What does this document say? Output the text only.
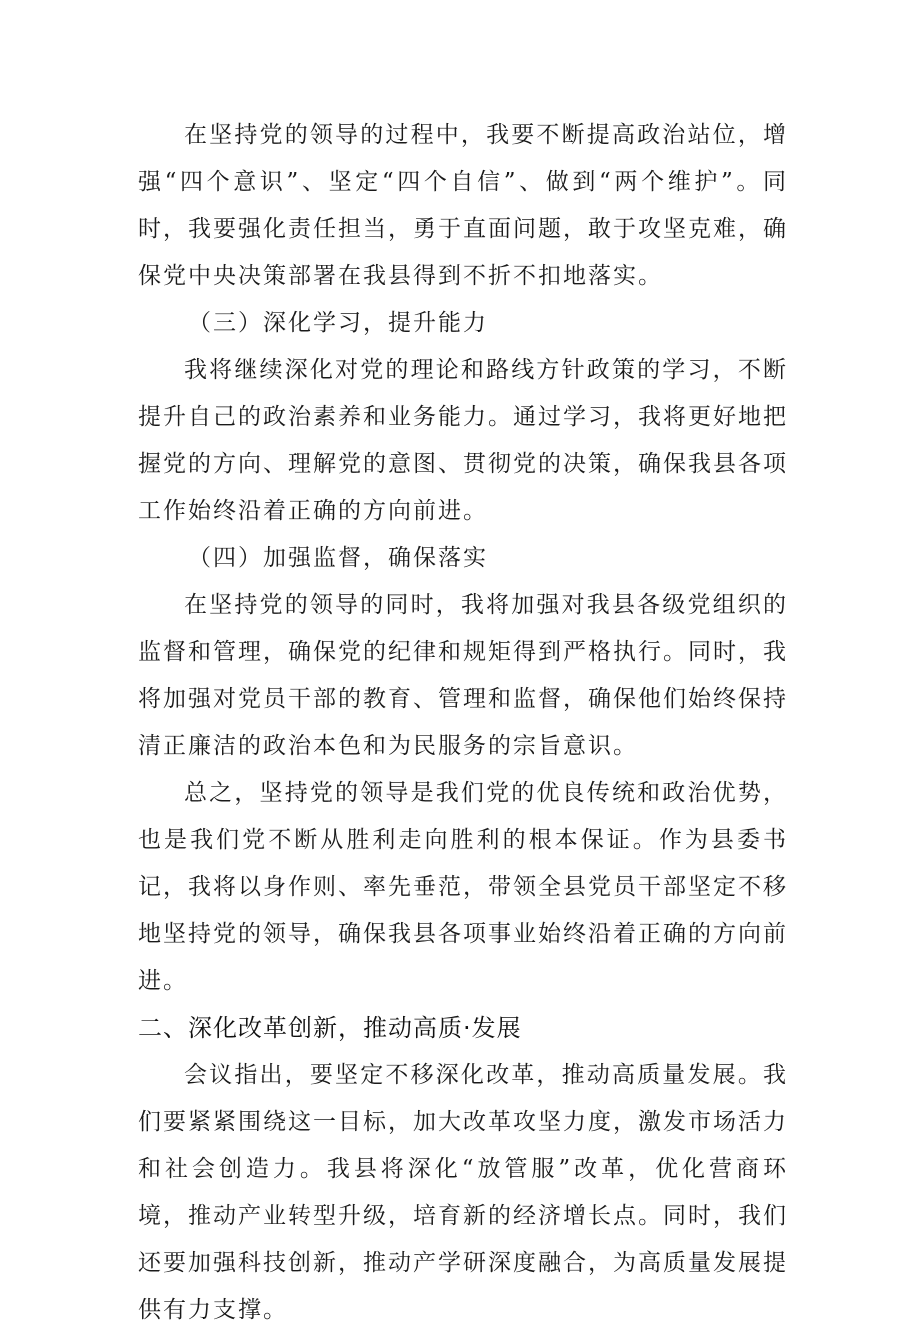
在坚持党的领导的过程中，我要不断提高政治站位，增强“四个意识”、坚定“四个自信”、做到“两个维护”。同时，我要强化责任担当，勇于直面问题，敢于攻坚克难，确保党中央决策部署在我县得到不折不扣地落实。

（三）深化学习，提升能力

我将继续深化对党的理论和路线方针政策的学习，不断提升自己的政治素养和业务能力。通过学习，我将更好地把握党的方向、理解党的意图、贯彻党的决策，确保我县各项工作始终沿着正确的方向前进。

（四）加强监督，确保落实

在坚持党的领导的同时，我将加强对我县各级党组织的监督和管理，确保党的纪律和规矩得到严格执行。同时，我将加强对党员干部的教育、管理和监督，确保他们始终保持清正廉洁的政治本色和为民服务的宗旨意识。

总之，坚持党的领导是我们党的优良传统和政治优势，也是我们党不断从胜利走向胜利的根本保证。作为县委书记，我将以身作则、率先垂范，带领全县党员干部坚定不移地坚持党的领导，确保我县各项事业始终沿着正确的方向前进。

二、深化改革创新，推动高质·发展

会议指出，要坚定不移深化改革，推动高质量发展。我们要紧紧围绕这一目标，加大改革攻坚力度，激发市场活力和社会创造力。我县将深化“放管服”改革，优化营商环境，推动产业转型升级，培育新的经济增长点。同时，我们还要加强科技创新，推动产学研深度融合，为高质量发展提供有力支撑。
